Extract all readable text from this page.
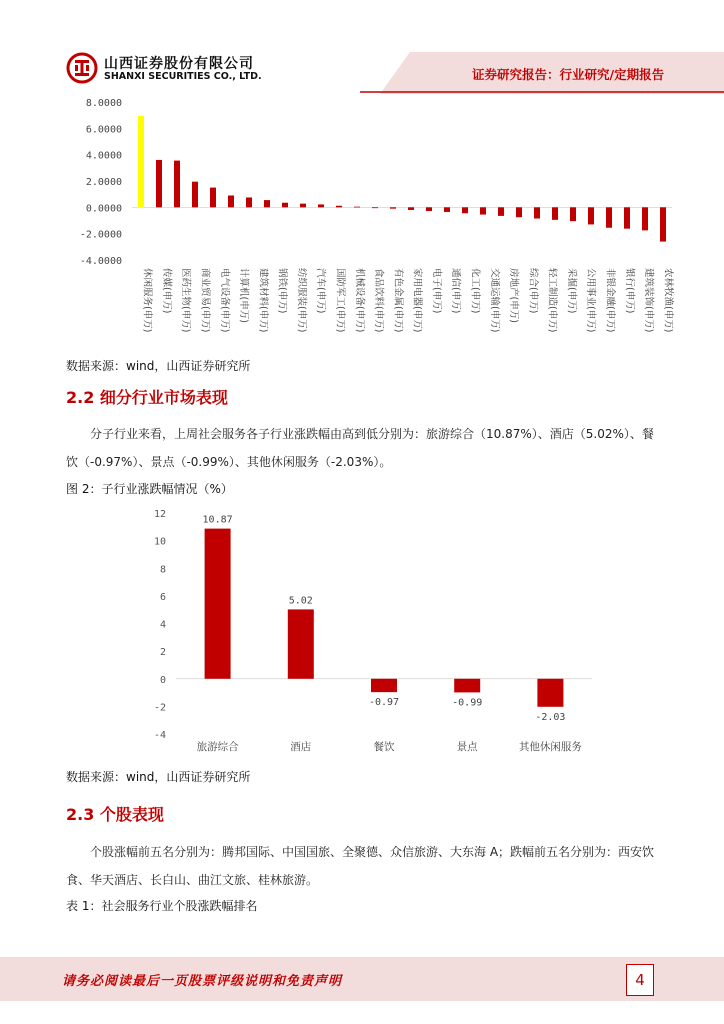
山西证券股份有限公司
SHANXI SECURITIES CO., LTD.	证券研究报告：行业研究/定期报告
8.0000
6.0000
4.0000
2.0000
0.0000
-2.0000
-4.0000
休闲服务(申万) 传媒(申万) 医药生物(申万) 商业贸易(申万) 电气设备(申万) 计算机(申万) 建筑材料(申万) 钢铁(申万) 纺织服装(申万) 汽车(申万) 国防军工(申万) 机械设备(申万) 食品饮料(申万) 有色金属(申万) 家用电器(申万) 电子(申万) 通信(申万) 化工(申万) 交通运输(申万) 房地产(申万) 综合(申万) 轻工制造(申万) 采掘(申万) 公用事业(申万) 非银金融(申万) 银行(申万) 建筑装饰(申万) 农林牧渔(申万)
数据来源：wind，山西证券研究所
2.2 细分行业市场表现
分子行业来看，上周社会服务各子行业涨跌幅由高到低分别为：旅游综合（10.87%）、酒店（5.02%）、餐饮（-0.97%）、景点（-0.99%）、其他休闲服务（-2.03%）。
图 2：子行业涨跌幅情况（%）
12
10
8
6
4
2
0
-2
-4
10.87
旅游综合
5.02
酒店
-0.97
餐饮
-0.99
景点
-2.03
其他休闲服务
数据来源：wind，山西证券研究所
2.3 个股表现
个股涨幅前五名分别为：腾邦国际、中国国旅、全聚德、众信旅游、大东海 A；跌幅前五名分别为：西安饮食、华天酒店、长白山、曲江文旅、桂林旅游。
表 1：社会服务行业个股涨跌幅排名
请务必阅读最后一页股票评级说明和免责声明	4
